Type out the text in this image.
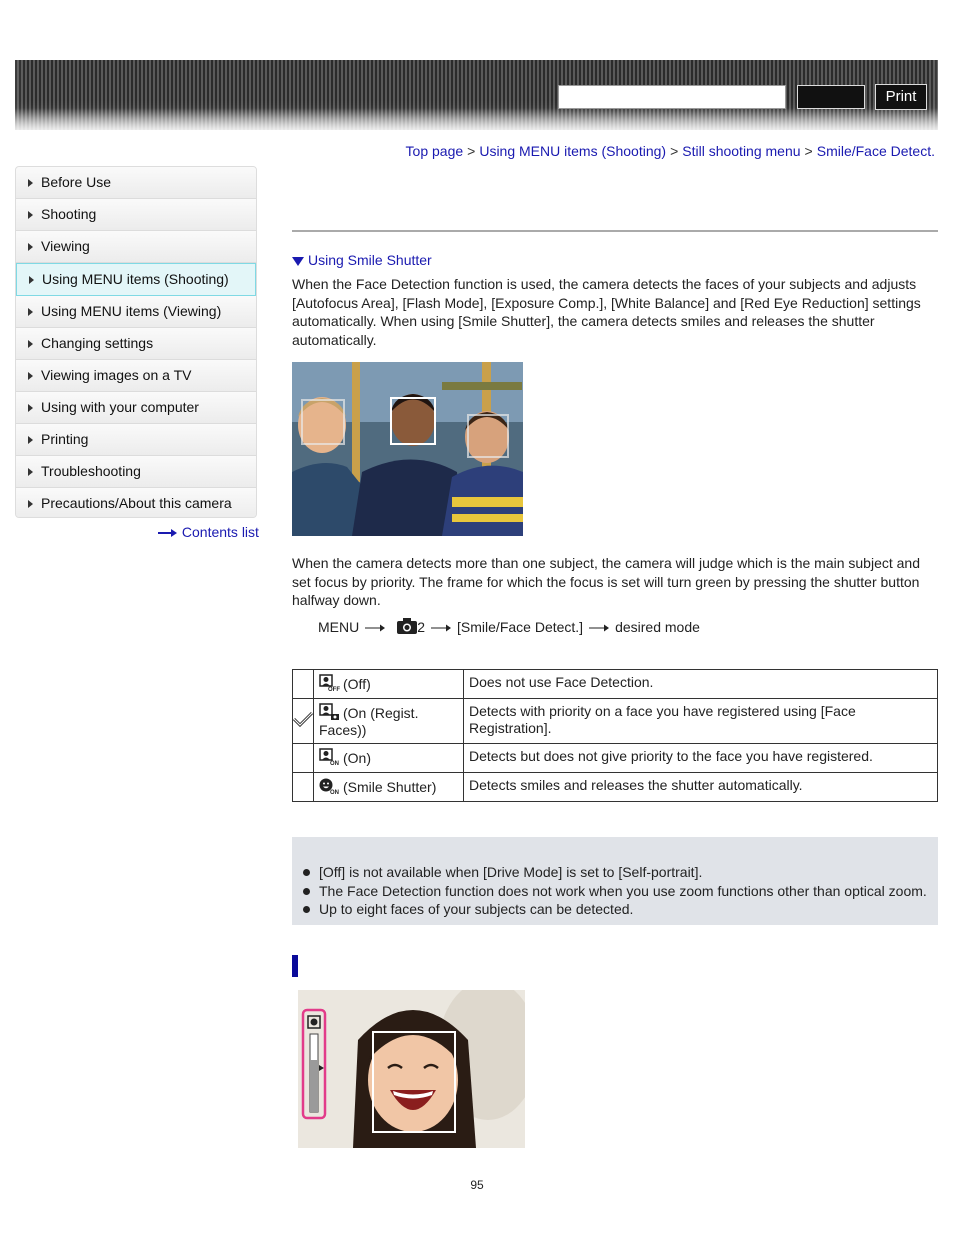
Print
Top page > Using MENU items (Shooting) > Still shooting menu > Smile/Face Detect.
Before Use
Shooting
Viewing
Using MENU items (Shooting)
Using MENU items (Viewing)
Changing settings
Viewing images on a TV
Using with your computer
Printing
Troubleshooting
Precautions/About this camera
Contents list
Using Smile Shutter
When the Face Detection function is used, the camera detects the faces of your subjects and adjusts [Autofocus Area], [Flash Mode], [Exposure Comp.], [White Balance] and [Red Eye Reduction] settings automatically. When using [Smile Shutter], the camera detects smiles and releases the shutter automatically.
When the camera detects more than one subject, the camera will judge which is the main subject and set focus by priority. The frame for which the focus is set will turn green by pressing the shutter button halfway down.
MENU	2 [Smile/Face Detect.] desired mode

OFF (Off)	Does not use Face Detection.
	(On (Regist. Faces))	Detects with priority on a face you have registered using [Face Registration].

ON (On)	Detects but does not give priority to the face you have registered.

ON (Smile Shutter)	Detects smiles and releases the shutter automatically.
[Off] is not available when [Drive Mode] is set to [Self-portrait].
The Face Detection function does not work when you use zoom functions other than optical zoom.
Up to eight faces of your subjects can be detected.
95
